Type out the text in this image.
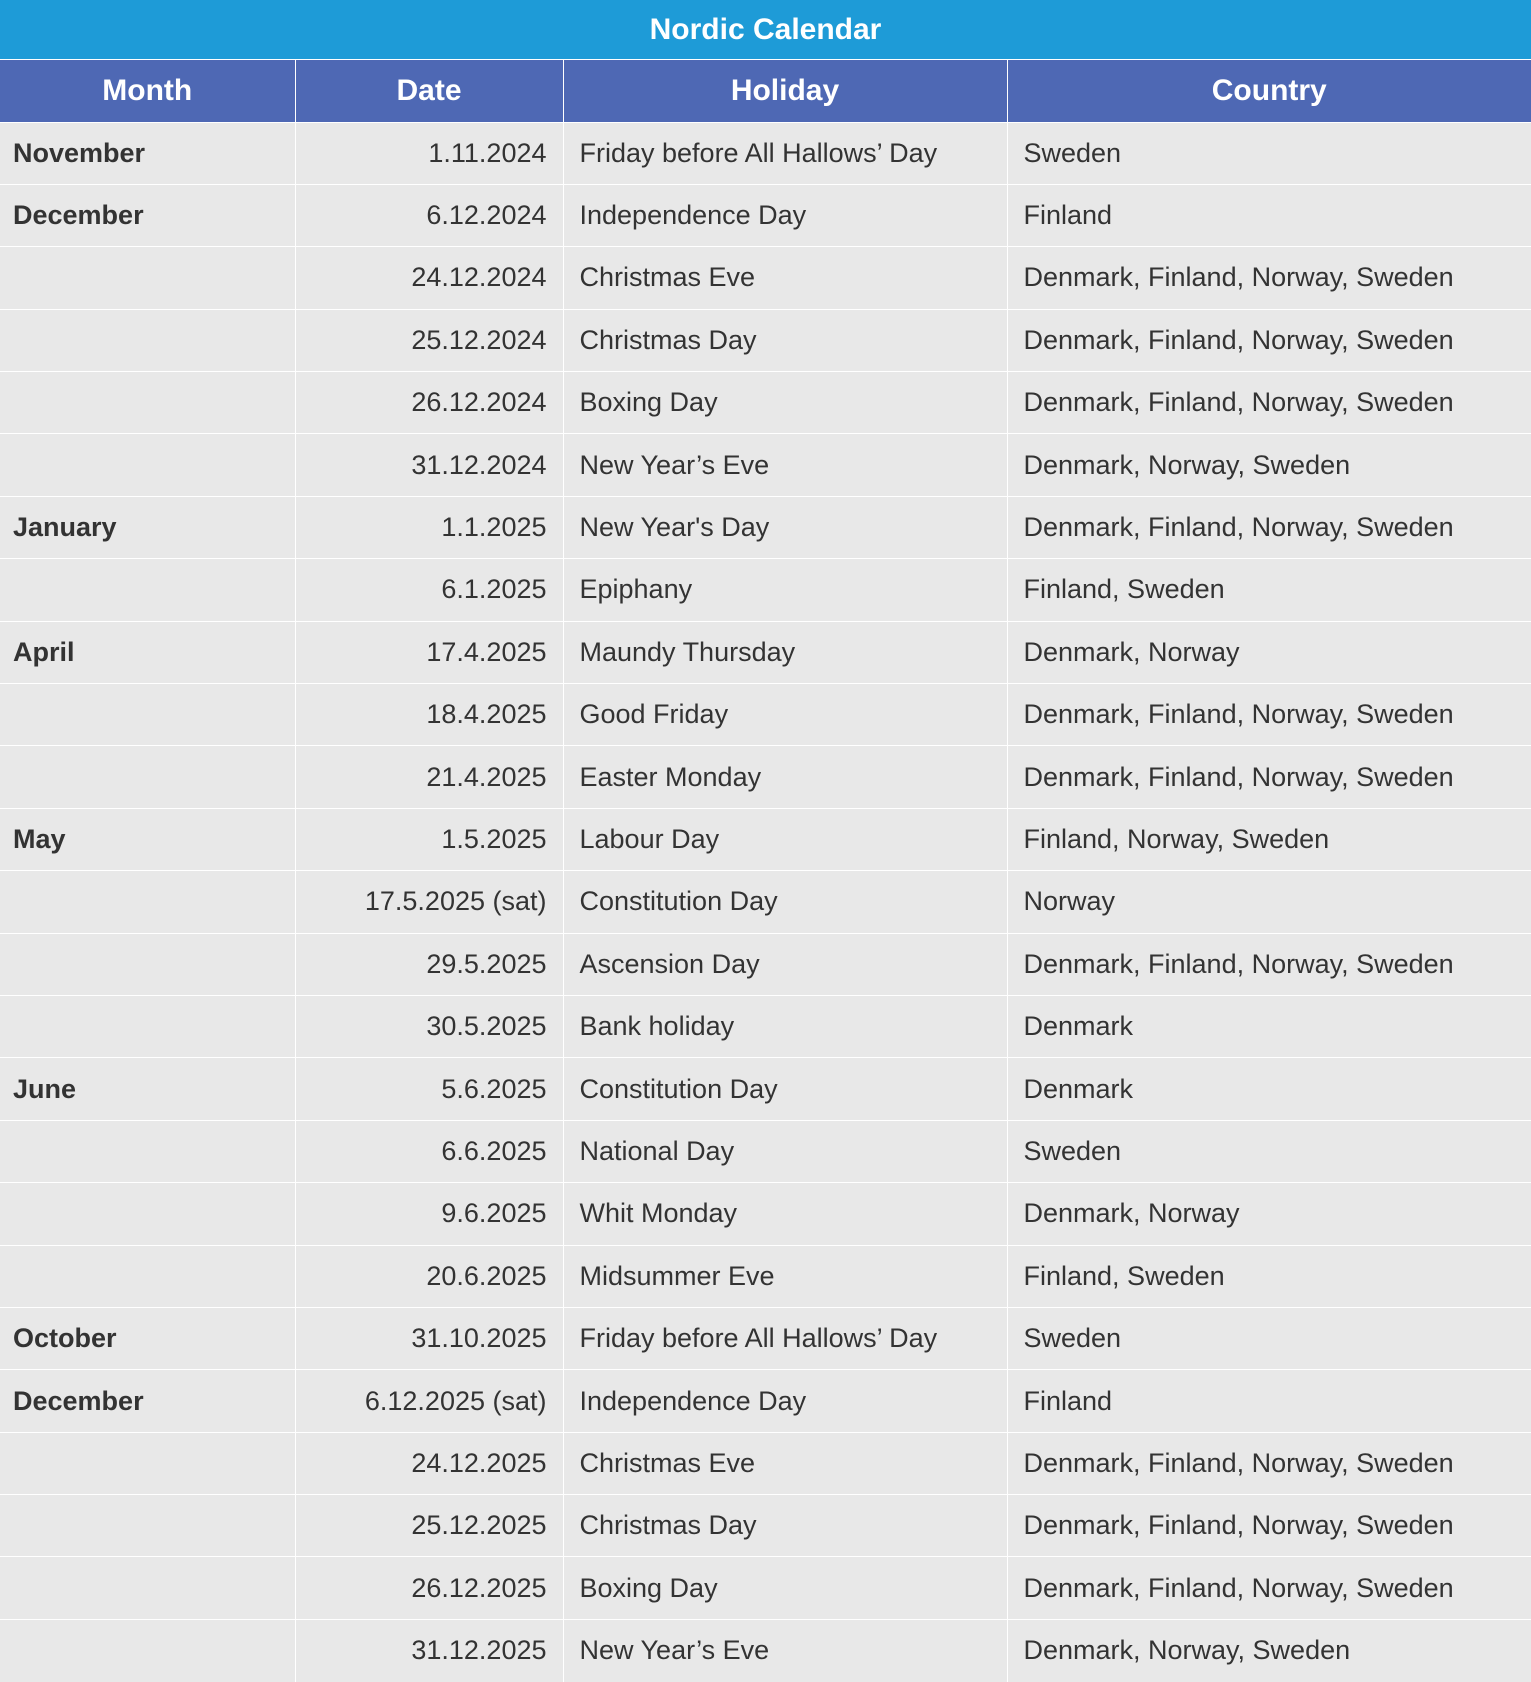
Nordic Calendar
Month	Date	Holiday	Country
November	1.11.2024	Friday before All Hallows’ Day	Sweden
December	6.12.2024	Independence Day	Finland
	24.12.2024	Christmas Eve	Denmark, Finland, Norway, Sweden
	25.12.2024	Christmas Day	Denmark, Finland, Norway, Sweden
	26.12.2024	Boxing Day	Denmark, Finland, Norway, Sweden
	31.12.2024	New Year’s Eve	Denmark, Norway, Sweden
January	1.1.2025	New Year's Day	Denmark, Finland, Norway, Sweden
	6.1.2025	Epiphany	Finland, Sweden
April	17.4.2025	Maundy Thursday	Denmark, Norway
	18.4.2025	Good Friday	Denmark, Finland, Norway, Sweden
	21.4.2025	Easter Monday	Denmark, Finland, Norway, Sweden
May	1.5.2025	Labour Day	Finland, Norway, Sweden
	17.5.2025 (sat)	Constitution Day	Norway
	29.5.2025	Ascension Day	Denmark, Finland, Norway, Sweden
	30.5.2025	Bank holiday	Denmark
June	5.6.2025	Constitution Day	Denmark
	6.6.2025	National Day	Sweden
	9.6.2025	Whit Monday	Denmark, Norway
	20.6.2025	Midsummer Eve	Finland, Sweden
October	31.10.2025	Friday before All Hallows’ Day	Sweden
December	6.12.2025 (sat)	Independence Day	Finland
	24.12.2025	Christmas Eve	Denmark, Finland, Norway, Sweden
	25.12.2025	Christmas Day	Denmark, Finland, Norway, Sweden
	26.12.2025	Boxing Day	Denmark, Finland, Norway, Sweden
	31.12.2025	New Year’s Eve	Denmark, Norway, Sweden
